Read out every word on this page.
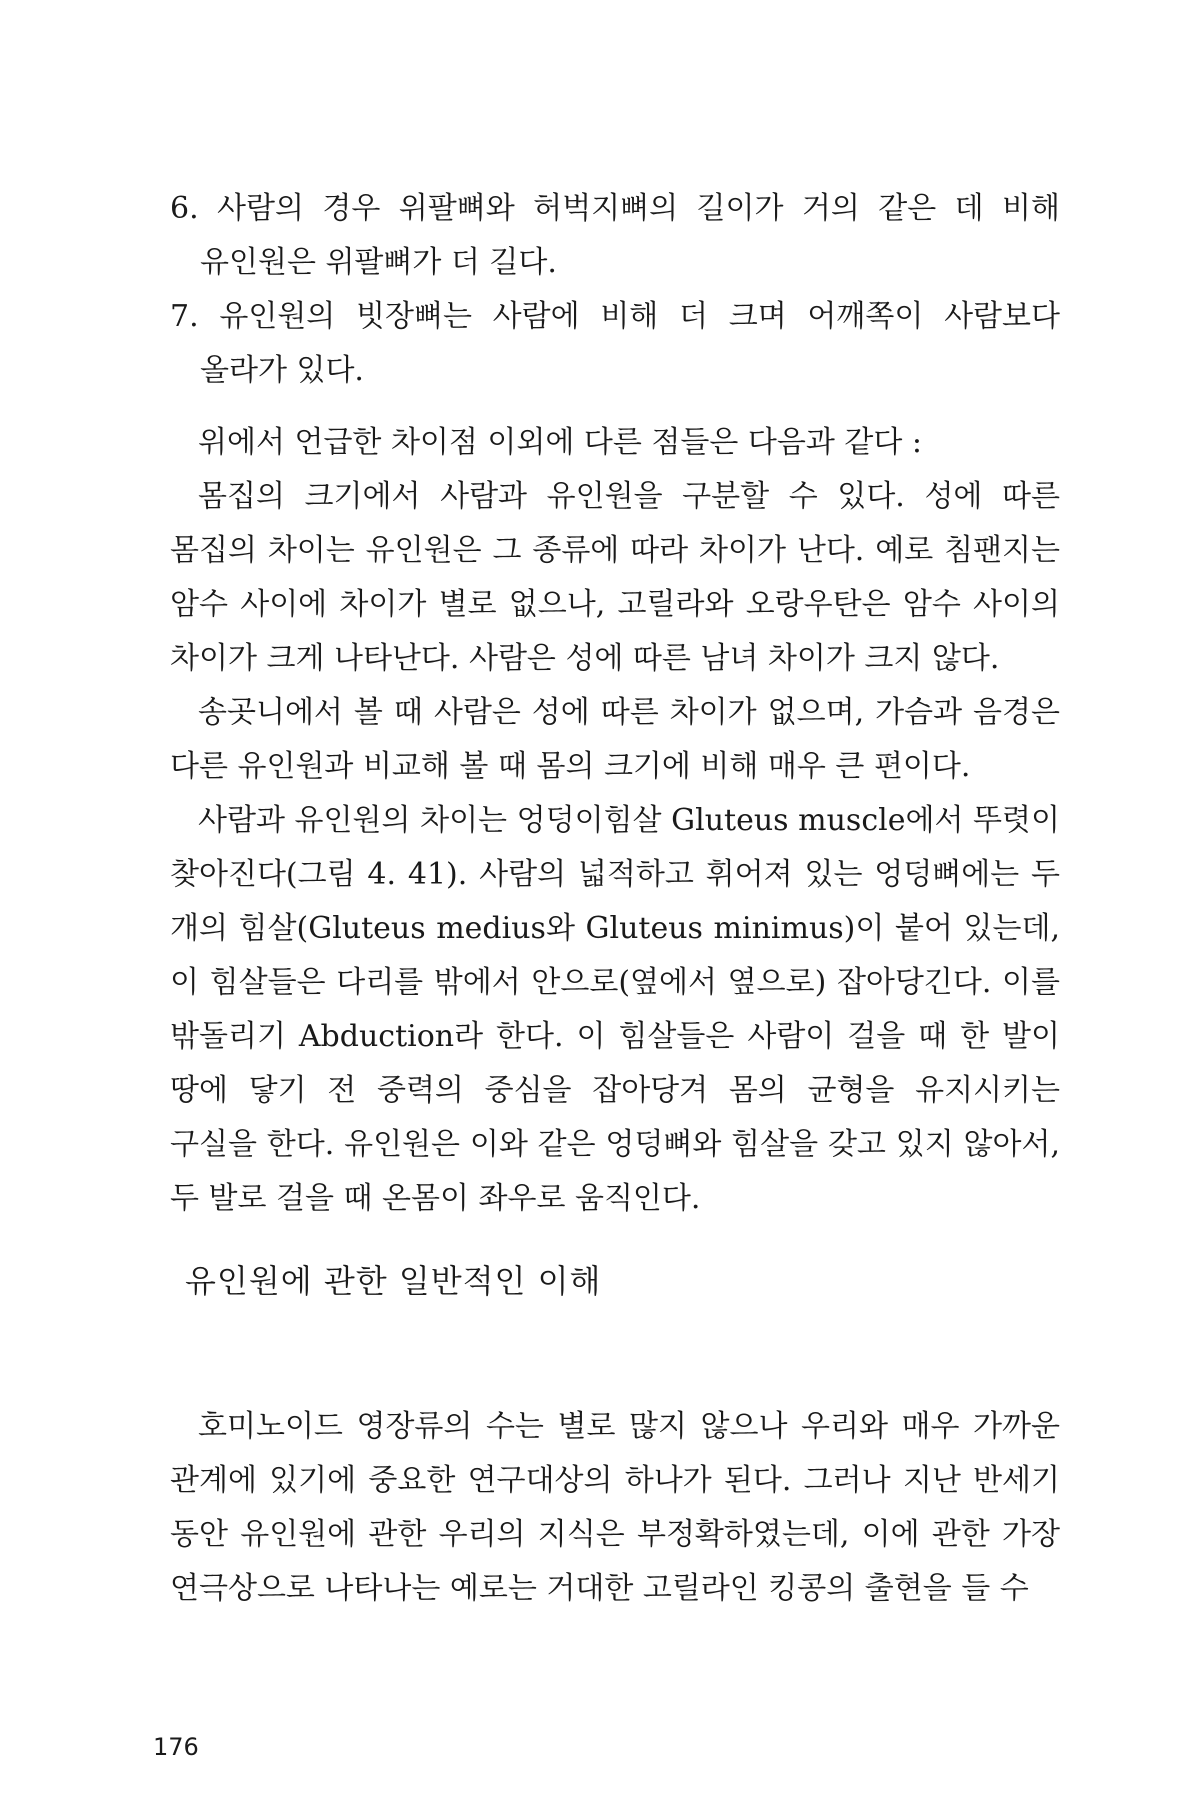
6. 사람의 경우 위팔뼈와 허벅지뼈의 길이가 거의 같은 데 비해 유인원은 위팔뼈가 더 길다.
7. 유인원의 빗장뼈는 사람에 비해 더 크며 어깨쪽이 사람보다 올라가 있다.

위에서 언급한 차이점 이외에 다른 점들은 다음과 같다 :

몸집의 크기에서 사람과 유인원을 구분할 수 있다. 성에 따른 몸집의 차이는 유인원은 그 종류에 따라 차이가 난다. 예로 침팬지는 암수 사이에 차이가 별로 없으나, 고릴라와 오랑우탄은 암수 사이의 차이가 크게 나타난다. 사람은 성에 따른 남녀 차이가 크지 않다.

송곳니에서 볼 때 사람은 성에 따른 차이가 없으며, 가슴과 음경은 다른 유인원과 비교해 볼 때 몸의 크기에 비해 매우 큰 편이다.

사람과 유인원의 차이는 엉덩이힘살 Gluteus muscle에서 뚜렷이 찾아진다(그림 4. 41). 사람의 넓적하고 휘어져 있는 엉덩뼈에는 두 개의 힘살(Gluteus medius와 Gluteus minimus)이 붙어 있는데, 이 힘살들은 다리를 밖에서 안으로(옆에서 옆으로) 잡아당긴다. 이를 밖돌리기 Abduction라 한다. 이 힘살들은 사람이 걸을 때 한 발이 땅에 닿기 전 중력의 중심을 잡아당겨 몸의 균형을 유지시키는 구실을 한다. 유인원은 이와 같은 엉덩뼈와 힘살을 갖고 있지 않아서, 두 발로 걸을 때 온몸이 좌우로 움직인다.

유인원에 관한 일반적인 이해

호미노이드 영장류의 수는 별로 많지 않으나 우리와 매우 가까운 관계에 있기에 중요한 연구대상의 하나가 된다. 그러나 지난 반세기 동안 유인원에 관한 우리의 지식은 부정확하였는데, 이에 관한 가장 연극상으로 나타나는 예로는 거대한 고릴라인 킹콩의 출현을 들 수

176
